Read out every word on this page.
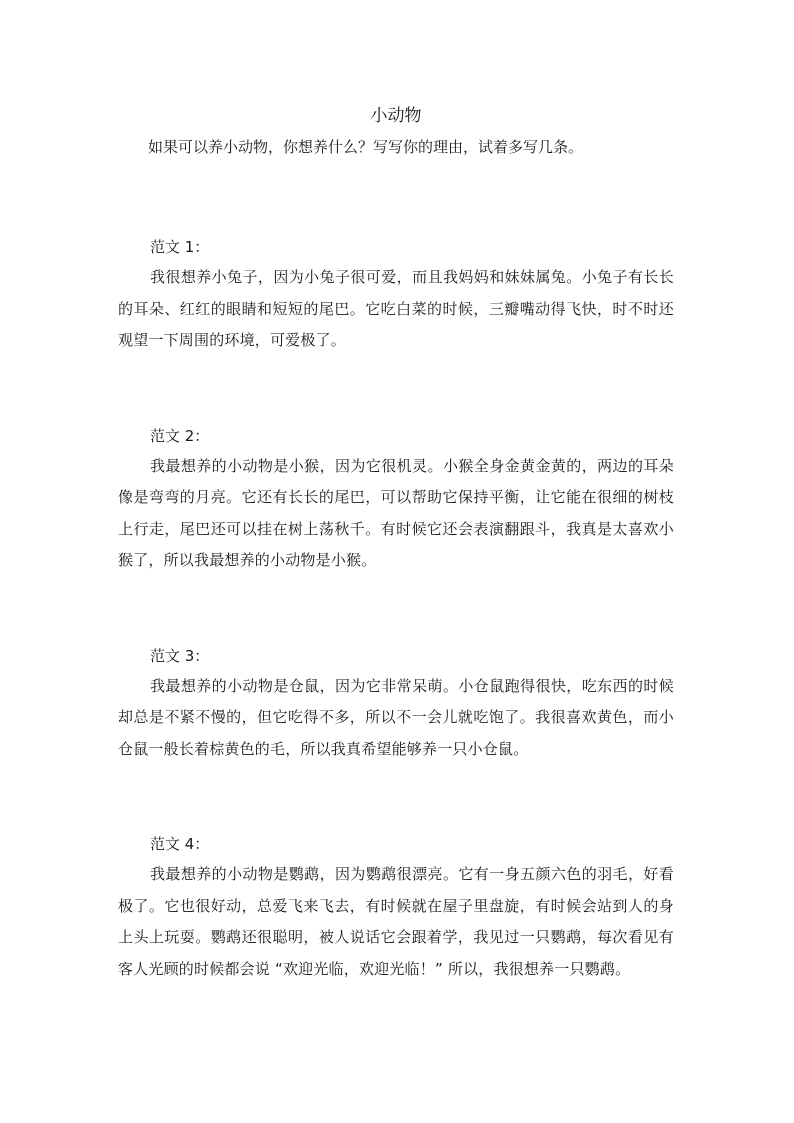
小动物

如果可以养小动物，你想养什么？写写你的理由，试着多写几条。

范文 1：

我很想养小兔子，因为小兔子很可爱，而且我妈妈和妹妹属兔。小兔子有长长的耳朵、红红的眼睛和短短的尾巴。它吃白菜的时候，三瓣嘴动得飞快，时不时还观望一下周围的环境，可爱极了。

范文 2：

我最想养的小动物是小猴，因为它很机灵。小猴全身金黄金黄的，两边的耳朵像是弯弯的月亮。它还有长长的尾巴，可以帮助它保持平衡，让它能在很细的树枝上行走，尾巴还可以挂在树上荡秋千。有时候它还会表演翻跟斗，我真是太喜欢小猴了，所以我最想养的小动物是小猴。

范文 3：

我最想养的小动物是仓鼠，因为它非常呆萌。小仓鼠跑得很快，吃东西的时候却总是不紧不慢的，但它吃得不多，所以不一会儿就吃饱了。我很喜欢黄色，而小仓鼠一般长着棕黄色的毛，所以我真希望能够养一只小仓鼠。

范文 4：

我最想养的小动物是鹦鹉，因为鹦鹉很漂亮。它有一身五颜六色的羽毛，好看极了。它也很好动，总爱飞来飞去，有时候就在屋子里盘旋，有时候会站到人的身上头上玩耍。鹦鹉还很聪明，被人说话它会跟着学，我见过一只鹦鹉，每次看见有客人光顾的时候都会说 “欢迎光临，欢迎光临！” 所以，我很想养一只鹦鹉。
